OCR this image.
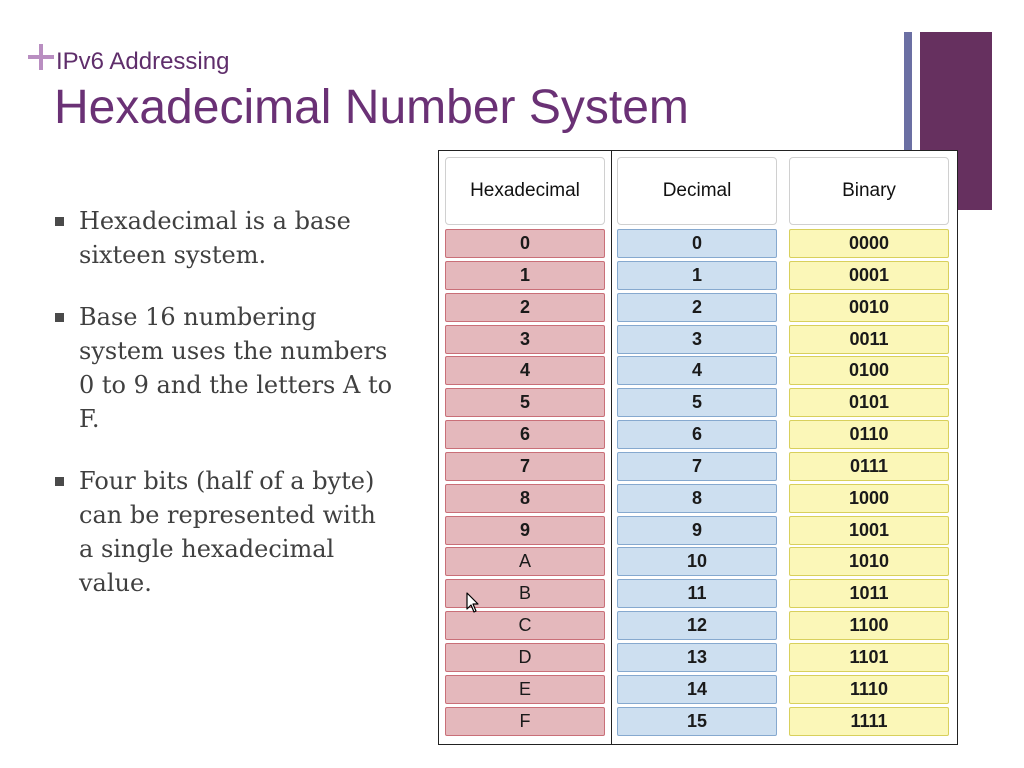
IPv6 Addressing
Hexadecimal Number System
Hexadecimal is a base sixteen system.
Base 16 numbering system uses the numbers 0 to 9 and the letters A to F.
Four bits (half of a byte) can be represented with a single hexadecimal value.
Hexadecimal
0
1
2
3
4
5
6
7
8
9
A
B
C
D
E
F
Decimal
0
1
2
3
4
5
6
7
8
9
10
11
12
13
14
15
Binary
0000
0001
0010
0011
0100
0101
0110
0111
1000
1001
1010
1011
1100
1101
1110
1111
